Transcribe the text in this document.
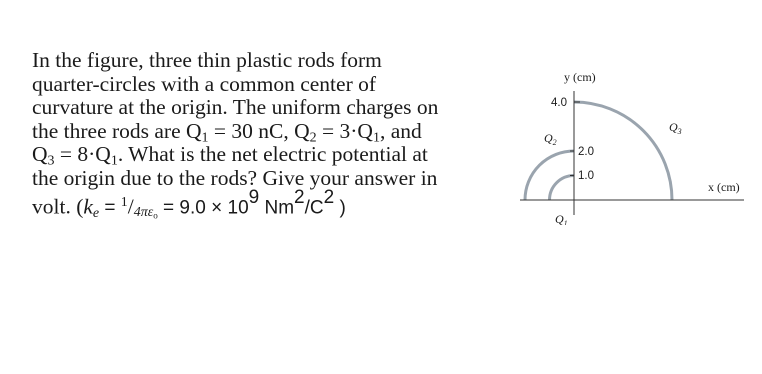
In the figure, three thin plastic rods form
quarter-circles with a common center of
curvature at the origin. The uniform charges on
the three rods are $Q_1 = 30$ nC, $Q_2 = 3\cdot Q_1$, and
$Q_3 = 8\cdot Q_1$. What is the net electric potential at
the origin due to the rods? Give your answer in
volt. ($k_e = ^1/4\pi\varepsilon_o = 9.0 \times 10^9$ $Nm^2/C^2$ )
y (cm)
4.0
2.0
1.0
x (cm)
$Q_1$
$Q_2$
$Q_3$
